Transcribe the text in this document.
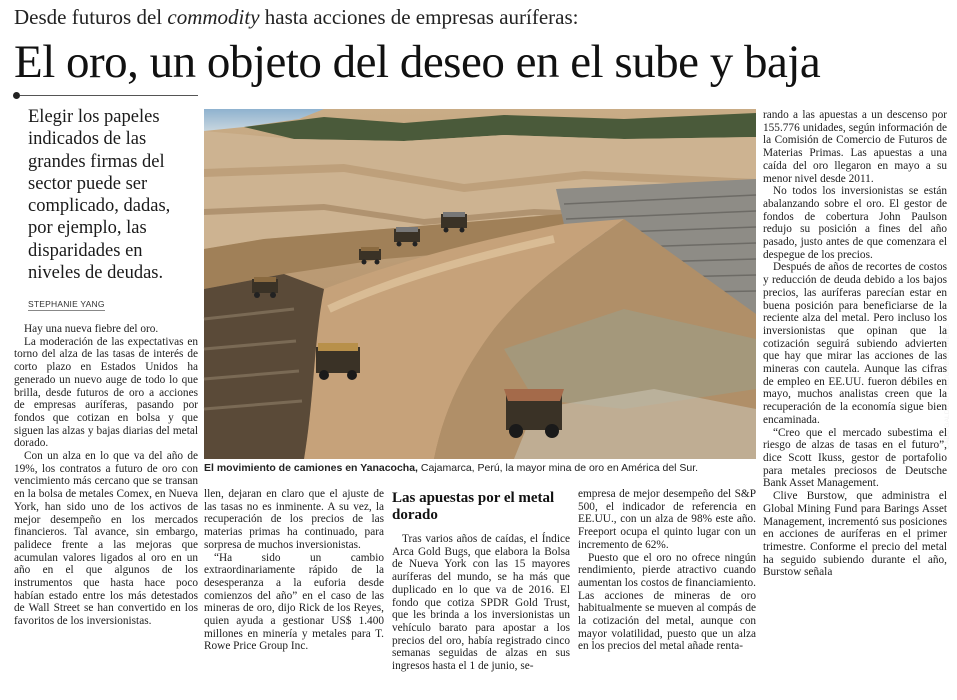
Desde futuros del commodity hasta acciones de empresas auríferas:
El oro, un objeto del deseo en el sube y baja
Elegir los papeles indicados de las grandes firmas del sector puede ser complicado, dadas, por ejemplo, las disparidades en niveles de deudas.
STEPHANIE YANG

Hay una nueva fiebre del oro.

La moderación de las expectativas en torno del alza de las tasas de interés de corto plazo en Estados Unidos ha generado un nuevo auge de todo lo que brilla, desde futuros de oro a acciones de empresas auríferas, pasando por fondos que cotizan en bolsa y que siguen las alzas y bajas diarias del metal dorado.

Con un alza en lo que va del año de 19%, los contratos a futuro de oro con vencimiento más cercano que se transan en la bolsa de metales Comex, en Nueva York, han sido uno de los activos de mejor desempeño en los mercados financieros. Tal avance, sin embargo, palidece frente a las mejoras que acumulan valores ligados al oro en un año en el que algunos de los instrumentos que hasta hace poco habían estado entre los más detestados de Wall Street se han convertido en los favoritos de los inversionistas.

CADU GALDIERI / BLOOMBERG NEWS
El movimiento de camiones en Yanacocha, Cajamarca, Perú, la mayor mina de oro en América del Sur.

llen, dejaran en claro que el ajuste de las tasas no es inminente. A su vez, la recuperación de los precios de las materias primas ha continuado, para sorpresa de muchos inversionistas.

“Ha sido un cambio extraordinariamente rápido de la desesperanza a la euforia desde comienzos del año” en el caso de las mineras de oro, dijo Rick de los Reyes, quien ayuda a gestionar US$ 1.400 millones en minería y metales para T. Rowe Price Group Inc.

Las apuestas por el metal dorado

Tras varios años de caídas, el Índice Arca Gold Bugs, que elabora la Bolsa de Nueva York con las 15 mayores auríferas del mundo, se ha más que duplicado en lo que va de 2016. El fondo que cotiza SPDR Gold Trust, que les brinda a los inversionistas un vehículo barato para apostar a los precios del oro, había registrado cinco semanas seguidas de alzas en sus ingresos hasta el 1 de junio, se-

empresa de mejor desempeño del S&P 500, el indicador de referencia en EE.UU., con un alza de 98% este año. Freeport ocupa el quinto lugar con un incremento de 62%.

Puesto que el oro no ofrece ningún rendimiento, pierde atractivo cuando aumentan los costos de financiamiento. Las acciones de mineras de oro habitualmente se mueven al compás de la cotización del metal, aunque con mayor volatilidad, puesto que un alza en los precios del metal añade renta-

rando a las apuestas a un descenso por 155.776 unidades, según información de la Comisión de Comercio de Futuros de Materias Primas. Las apuestas a una caída del oro llegaron en mayo a su menor nivel desde 2011.

No todos los inversionistas se están abalanzando sobre el oro. El gestor de fondos de cobertura John Paulson redujo su posición a fines del año pasado, justo antes de que comenzara el despegue de los precios.

Después de años de recortes de costos y reducción de deuda debido a los bajos precios, las auríferas parecían estar en buena posición para beneficiarse de la reciente alza del metal. Pero incluso los inversionistas que opinan que la cotización seguirá subiendo advierten que hay que mirar las acciones de las mineras con cautela. Aunque las cifras de empleo en EE.UU. fueron débiles en mayo, muchos analistas creen que la recuperación de la economía sigue bien encaminada.

“Creo que el mercado subestima el riesgo de alzas de tasas en el futuro”, dice Scott Ikuss, gestor de portafolio para metales preciosos de Deutsche Bank Asset Management.

Clive Burstow, que administra el Global Mining Fund para Barings Asset Management, incrementó sus posiciones en acciones de auríferas en el primer trimestre. Conforme el precio del metal ha seguido subiendo durante el año, Burstow señala
